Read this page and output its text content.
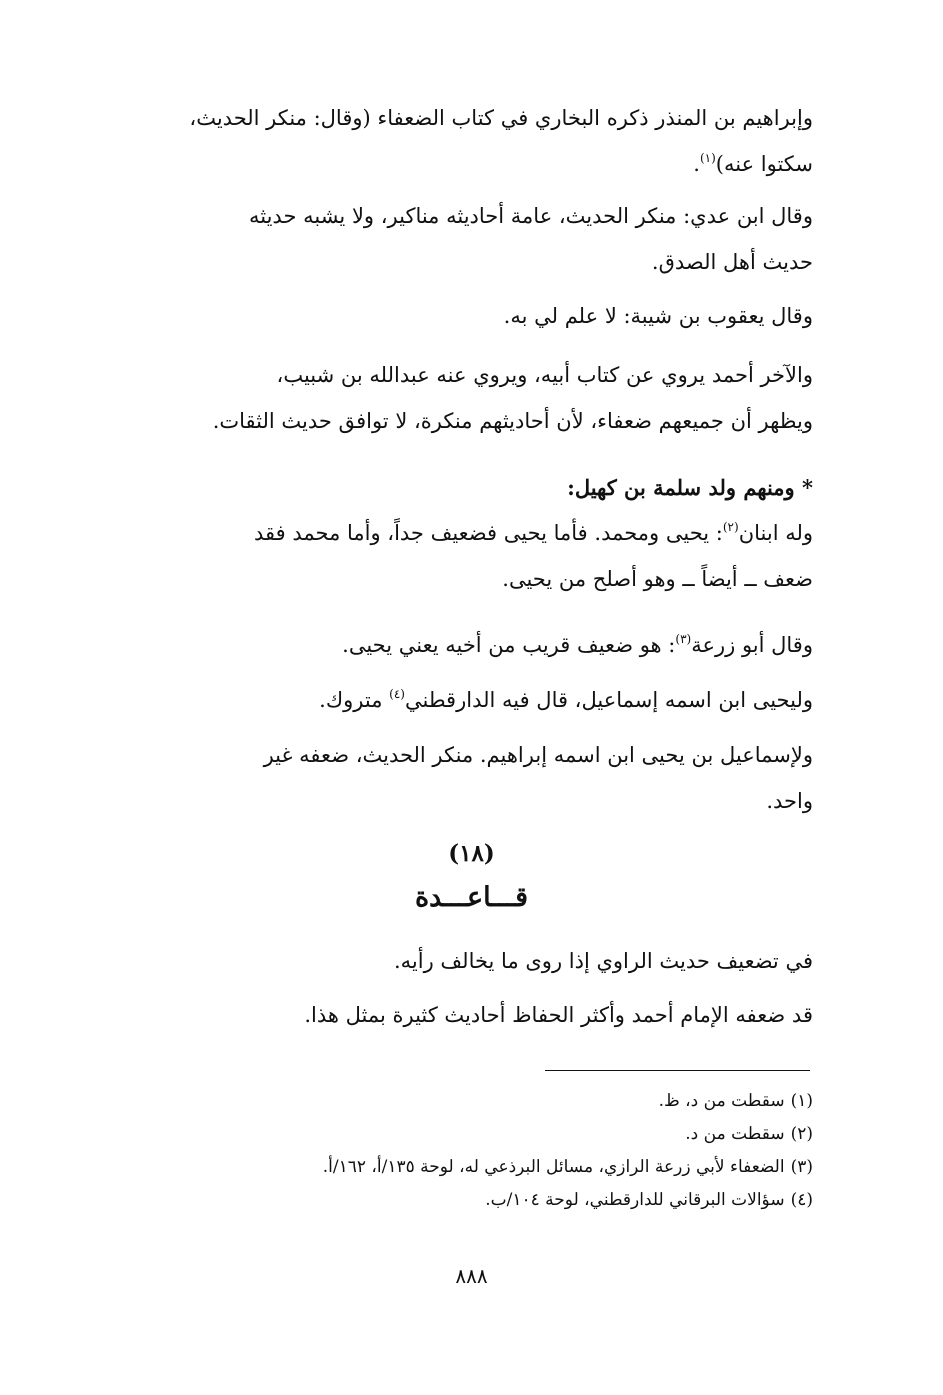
وإبراهيم بن المنذر ذكره البخاري في كتاب الضعفاء (وقال: منكر الحديث،
سكتوا عنه)$^{(١)}$.

وقال ابن عدي: منكر الحديث، عامة أحاديثه مناكير، ولا يشبه حديثه
حديث أهل الصدق.

وقال يعقوب بن شيبة: لا علم لي به.

والآخر أحمد يروي عن كتاب أبيه، ويروي عنه عبدالله بن شبيب،
ويظهر أن جميعهم ضعفاء، لأن أحاديثهم منكرة، لا توافق حديث الثقات.

* ومنهم ولد سلمة بن كهيل:

وله ابنان$^{(٢)}$: يحيى ومحمد. فأما يحيى فضعيف جداً، وأما محمد فقد
ضعف ــ أيضاً ــ وهو أصلح من يحيى.

وقال أبو زرعة$^{(٣)}$: هو ضعيف قريب من أخيه يعني يحيى.

وليحيى ابن اسمه إسماعيل، قال فيه الدارقطني$^{(٤)}$ متروك.

ولإسماعيل بن يحيى ابن اسمه إبراهيم. منكر الحديث، ضعفه غير
واحد.

(١٨)
قـــاعـــدة

في تضعيف حديث الراوي إذا روى ما يخالف رأيه.

قد ضعفه الإمام أحمد وأكثر الحفاظ أحاديث كثيرة بمثل هذا.

(١)سقطت من د، ظ.
(٢)سقطت من د.
(٣)الضعفاء لأبي زرعة الرازي، مسائل البرذعي له، لوحة ١٣٥/أ، ١٦٢/أ.
(٤)سؤالات البرقاني للدارقطني، لوحة ١٠٤/ب.
٨٨٨
